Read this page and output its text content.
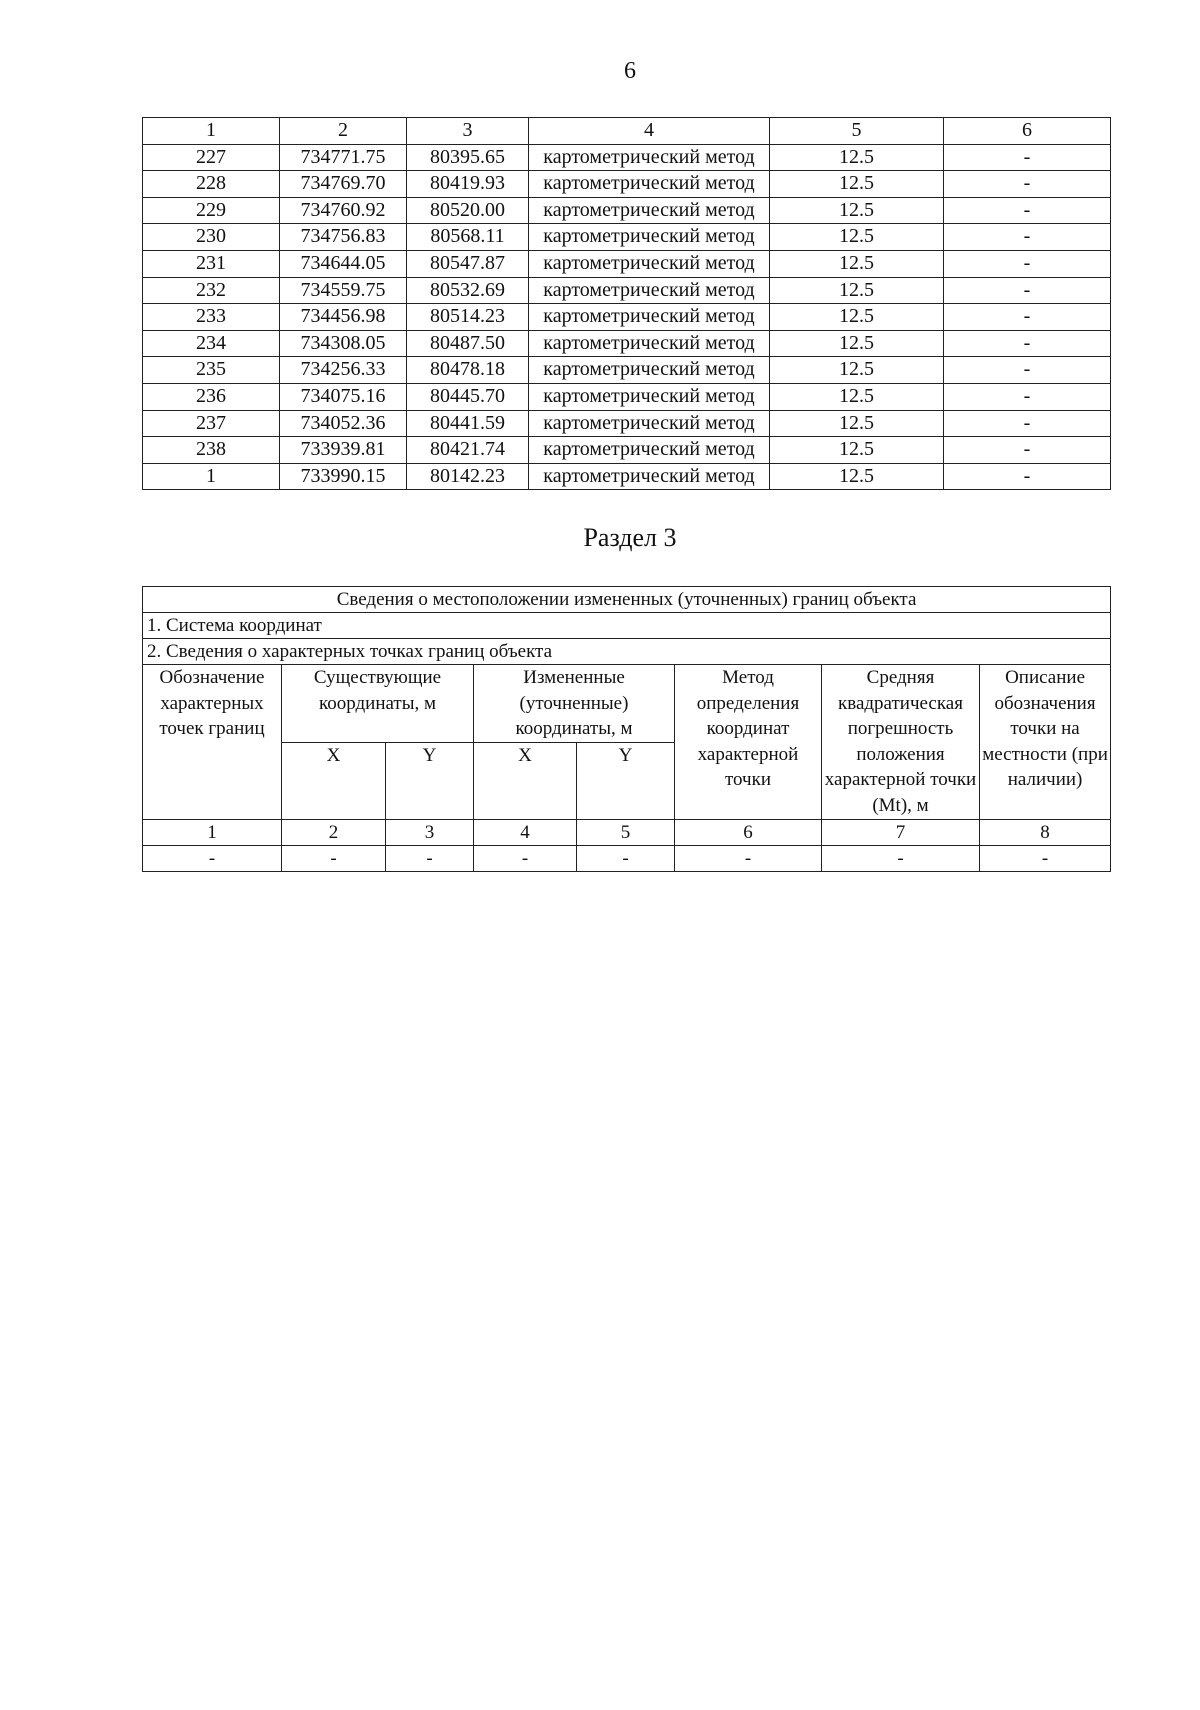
6
1	2	3	4	5	6
227	734771.75	80395.65	картометрический метод	12.5	-
228	734769.70	80419.93	картометрический метод	12.5	-
229	734760.92	80520.00	картометрический метод	12.5	-
230	734756.83	80568.11	картометрический метод	12.5	-
231	734644.05	80547.87	картометрический метод	12.5	-
232	734559.75	80532.69	картометрический метод	12.5	-
233	734456.98	80514.23	картометрический метод	12.5	-
234	734308.05	80487.50	картометрический метод	12.5	-
235	734256.33	80478.18	картометрический метод	12.5	-
236	734075.16	80445.70	картометрический метод	12.5	-
237	734052.36	80441.59	картометрический метод	12.5	-
238	733939.81	80421.74	картометрический метод	12.5	-
1	733990.15	80142.23	картометрический метод	12.5	-
Раздел 3
Сведения о местоположении измененных (уточненных) границ объекта							
1. Система координат							
2. Сведения о характерных точках границ объекта							
Обозначение характерных точек границ	Существующие координаты, м		Измененные (уточненные) координаты, м		Метод определения координат характерной точки	Средняя квадратическая погрешность положения характерной точки (Mt), м	Описание обозначения точки на местности (при наличии)
	X	Y	X	Y			
1	2	3	4	5	6	7	8
-	-	-	-	-	-	-	-
